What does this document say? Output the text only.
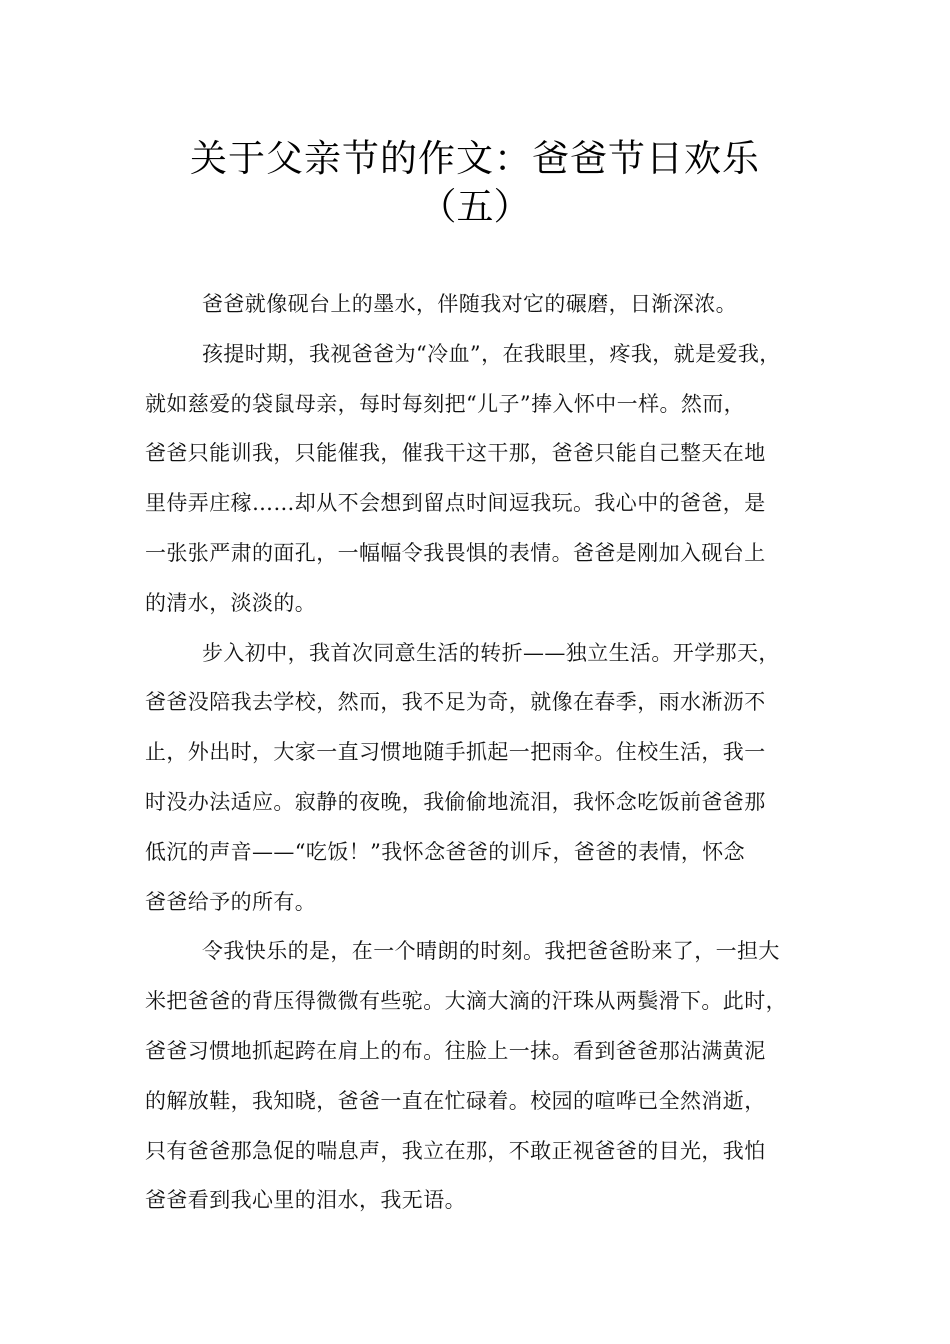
关于父亲节的作文：爸爸节日欢乐
（五）
爸爸就像砚台上的墨水，伴随我对它的碾磨，日渐深浓。
孩提时期，我视爸爸为“冷血”，在我眼里，疼我，就是爱我，
就如慈爱的袋鼠母亲，每时每刻把“儿子”捧入怀中一样。然而，
爸爸只能训我，只能催我，催我干这干那，爸爸只能自己整天在地
里侍弄庄稼……却从不会想到留点时间逗我玩。我心中的爸爸，是
一张张严肃的面孔，一幅幅令我畏惧的表情。爸爸是刚加入砚台上
的清水，淡淡的。
步入初中，我首次同意生活的转折——独立生活。开学那天，
爸爸没陪我去学校，然而，我不足为奇，就像在春季，雨水淅沥不
止，外出时，大家一直习惯地随手抓起一把雨伞。住校生活，我一
时没办法适应。寂静的夜晚，我偷偷地流泪，我怀念吃饭前爸爸那
低沉的声音——“吃饭！”我怀念爸爸的训斥，爸爸的表情，怀念
爸爸给予的所有。
令我快乐的是，在一个晴朗的时刻。我把爸爸盼来了，一担大
米把爸爸的背压得微微有些驼。大滴大滴的汗珠从两鬓滑下。此时，
爸爸习惯地抓起跨在肩上的布。往脸上一抹。看到爸爸那沾满黄泥
的解放鞋，我知晓，爸爸一直在忙碌着。校园的喧哗已全然消逝，
只有爸爸那急促的喘息声，我立在那，不敢正视爸爸的目光，我怕
爸爸看到我心里的泪水，我无语。
